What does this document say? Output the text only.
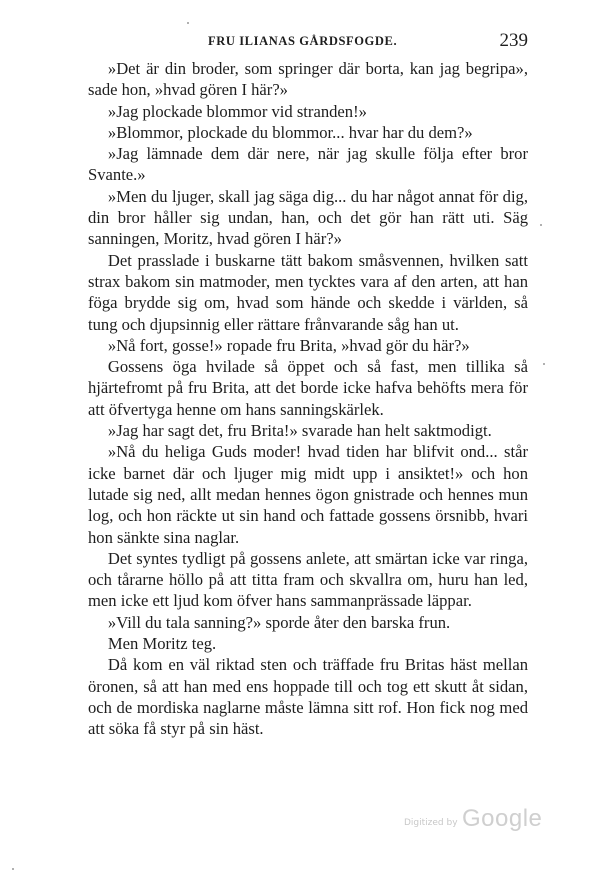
FRU ILIANAS GÅRDSFOGDE.	239

»Det är din broder, som springer där borta, kan jag begripa», sade hon, »hvad gören I här?»

»Jag plockade blommor vid stranden!»

»Blommor, plockade du blommor... hvar har du dem?»

»Jag lämnade dem där nere, när jag skulle följa efter bror Svante.»

»Men du ljuger, skall jag säga dig... du har något annat för dig, din bror håller sig undan, han, och det gör han rätt uti. Säg sanningen, Moritz, hvad gören I här?»

Det prasslade i buskarne tätt bakom småsvennen, hvilken satt strax bakom sin matmoder, men tycktes vara af den arten, att han föga brydde sig om, hvad som hände och skedde i världen, så tung och djupsinnig eller rättare frånvarande såg han ut.

»Nå fort, gosse!» ropade fru Brita, »hvad gör du här?»

Gossens öga hvilade så öppet och så fast, men tillika så hjärtefromt på fru Brita, att det borde icke hafva behöfts mera för att öfvertyga henne om hans sanningskärlek.

»Jag har sagt det, fru Brita!» svarade han helt saktmodigt.

»Nå du heliga Guds moder! hvad tiden har blifvit ond... står icke barnet där och ljuger mig midt upp i ansiktet!» och hon lutade sig ned, allt medan hennes ögon gnistrade och hennes mun log, och hon räckte ut sin hand och fattade gossens örsnibb, hvari hon sänkte sina naglar.

Det syntes tydligt på gossens anlete, att smärtan icke var ringa, och tårarne höllo på att titta fram och skvallra om, huru han led, men icke ett ljud kom öfver hans sammanprässade läppar.

»Vill du tala sanning?» sporde åter den barska frun.

Men Moritz teg.

Då kom en väl riktad sten och träffade fru Britas häst mellan öronen, så att han med ens hoppade till och tog ett skutt åt sidan, och de mordiska naglarne måste lämna sitt rof. Hon fick nog med att söka få styr på sin häst.

Digitized by Google
